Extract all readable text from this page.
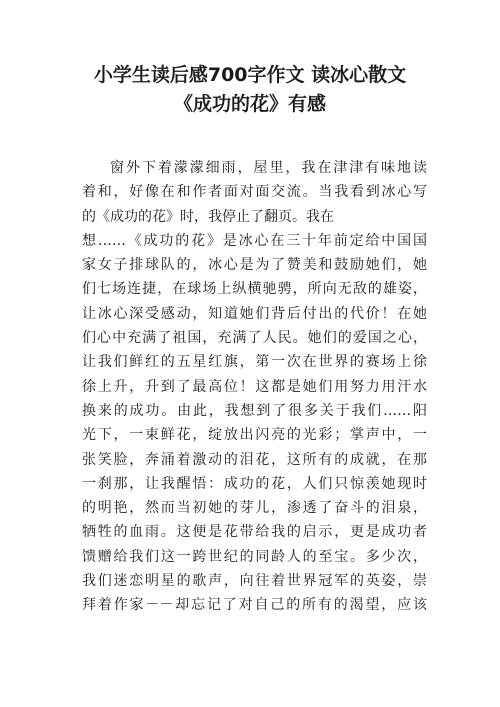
小学生读后感700字作文 读冰心散文
《成功的花》有感
窗外下着濛濛细雨，屋里，我在津津有味地读
着和，好像在和作者面对面交流。当我看到冰心写
的《成功的花》时，我停止了翻页。我在
想……《成功的花》是冰心在三十年前定给中国国
家女子排球队的，冰心是为了赞美和鼓励她们，她
们七场连捷，在球场上纵横驰骋，所向无敌的雄姿，
让冰心深受感动，知道她们背后付出的代价！在她
们心中充满了祖国，充满了人民。她们的爱国之心，
让我们鲜红的五星红旗，第一次在世界的赛场上徐
徐上升，升到了最高位！这都是她们用努力用汗水
换来的成功。由此，我想到了很多关于我们……阳
光下，一束鲜花，绽放出闪亮的光彩；掌声中，一
张笑脸，奔涌着激动的泪花，这所有的成就，在那
一刹那，让我醒悟：成功的花，人们只惊羡她现时
的明艳，然而当初她的芽儿，渗透了奋斗的泪泉，
牺牲的血雨。这便是花带给我的启示，更是成功者
馈赠给我们这一跨世纪的同龄人的至宝。多少次，
我们迷恋明星的歌声，向往着世界冠军的英姿，崇
拜着作家－－却忘记了对自己的所有的渴望，应该
